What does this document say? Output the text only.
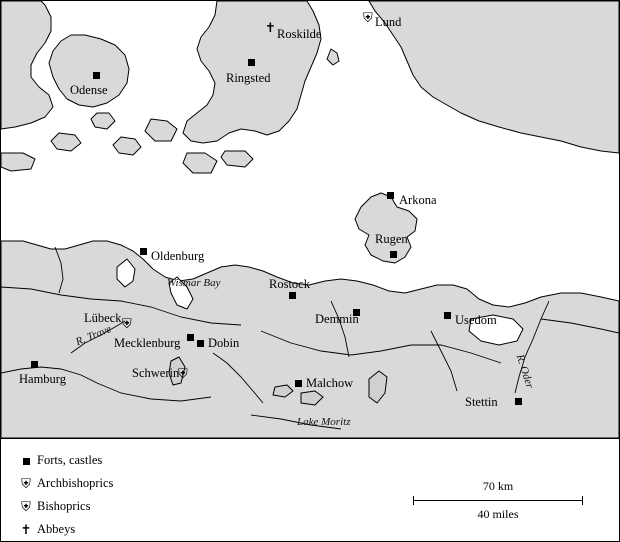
✝ Roskilde
⛨ Lund
Odense
Ringsted
Arkona
Rugen
Oldenburg
Rostock
Wismar Bay
⛨
Lübeck
Mecklenburg Dobin
Demmin	Usedom
Hamburg	⛨
Schwerin
R. Trave
Malchow
Lake Moritz
Stettin
R. Oder
Forts, castles
⛨ Archbishoprics
⛨ Bishoprics
✝ Abbeys
70 km
40 miles
